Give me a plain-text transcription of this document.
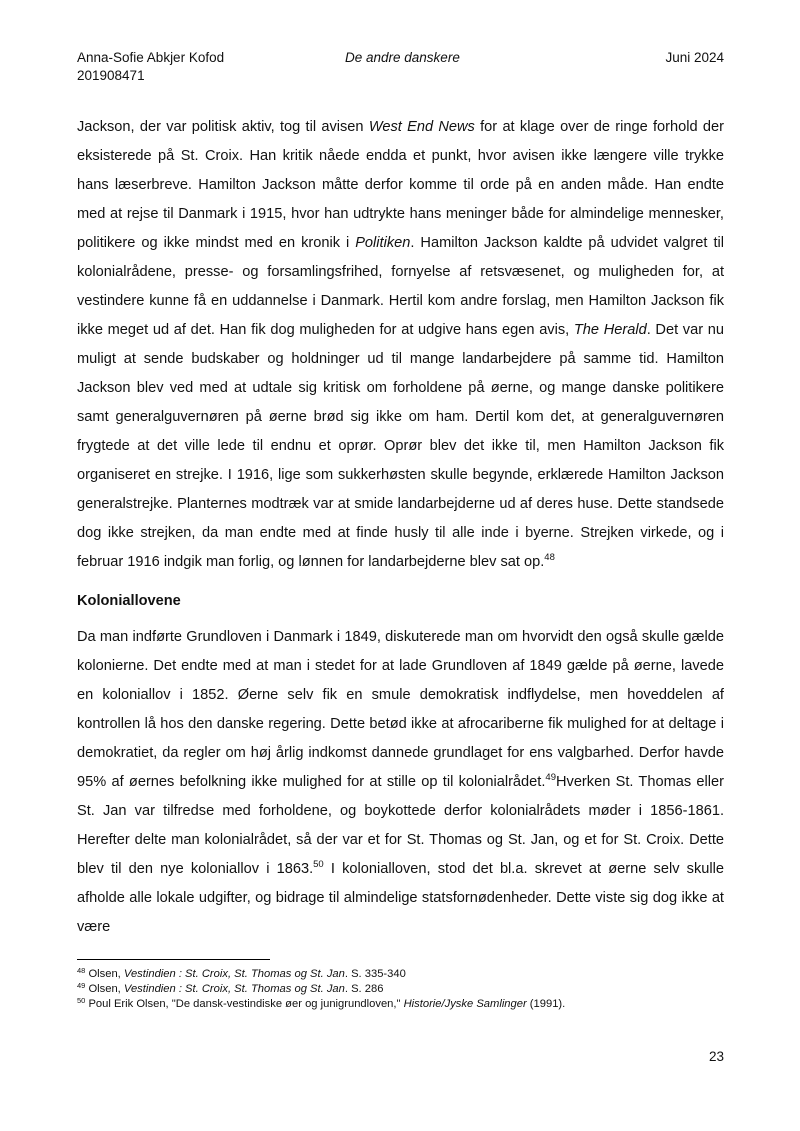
Anna-Sofie Abkjer Kofod
201908471
De andre danskere	Juni 2024

Jackson, der var politisk aktiv, tog til avisen West End News for at klage over de ringe forhold der eksisterede på St. Croix. Han kritik nåede endda et punkt, hvor avisen ikke længere ville trykke hans læserbreve. Hamilton Jackson måtte derfor komme til orde på en anden måde. Han endte med at rejse til Danmark i 1915, hvor han udtrykte hans meninger både for almindelige mennesker, politikere og ikke mindst med en kronik i Politiken. Hamilton Jackson kaldte på udvidet valgret til kolonialrådene, presse- og forsamlingsfrihed, fornyelse af retsvæsenet, og muligheden for, at vestindere kunne få en uddannelse i Danmark. Hertil kom andre forslag, men Hamilton Jackson fik ikke meget ud af det. Han fik dog muligheden for at udgive hans egen avis, The Herald. Det var nu muligt at sende budskaber og holdninger ud til mange landarbejdere på samme tid. Hamilton Jackson blev ved med at udtale sig kritisk om forholdene på øerne, og mange danske politikere samt generalguvernøren på øerne brød sig ikke om ham. Dertil kom det, at generalguvernøren frygtede at det ville lede til endnu et oprør. Oprør blev det ikke til, men Hamilton Jackson fik organiseret en strejke. I 1916, lige som sukkerhøsten skulle begynde, erklærede Hamilton Jackson generalstrejke. Planternes modtræk var at smide landarbejderne ud af deres huse. Dette standsede dog ikke strejken, da man endte med at finde husly til alle inde i byerne. Strejken virkede, og i februar 1916 indgik man forlig, og lønnen for landarbejderne blev sat op.$^{48}$

Koloniallovene

Da man indførte Grundloven i Danmark i 1849, diskuterede man om hvorvidt den også skulle gælde kolonierne. Det endte med at man i stedet for at lade Grundloven af 1849 gælde på øerne, lavede en koloniallov i 1852. Øerne selv fik en smule demokratisk indflydelse, men hoveddelen af kontrollen lå hos den danske regering. Dette betød ikke at afrocariberne fik mulighed for at deltage i demokratiet, da regler om høj årlig indkomst dannede grundlaget for ens valgbarhed. Derfor havde 95% af øernes befolkning ikke mulighed for at stille op til kolonialrådet.$^{49}$Hverken St. Thomas eller St. Jan var tilfredse med forholdene, og boykottede derfor kolonialrådets møder i 1856-1861. Herefter delte man kolonialrådet, så der var et for St. Thomas og St. Jan, og et for St. Croix. Dette blev til den nye koloniallov i 1863.50 I kolonialloven, stod det bl.a. skrevet at øerne selv skulle afholde alle lokale udgifter, og bidrage til almindelige statsfornødenheder. Dette viste sig dog ikke at være

$^{48}$ Olsen, Vestindien : St. Croix, St. Thomas og St. Jan. S. 335-340
$^{49}$ Olsen, Vestindien : St. Croix, St. Thomas og St. Jan. S. 286
$^{50}$ Poul Erik Olsen, "De dansk-vestindiske øer og junigrundloven," Historie/Jyske Samlinger (1991).
23
